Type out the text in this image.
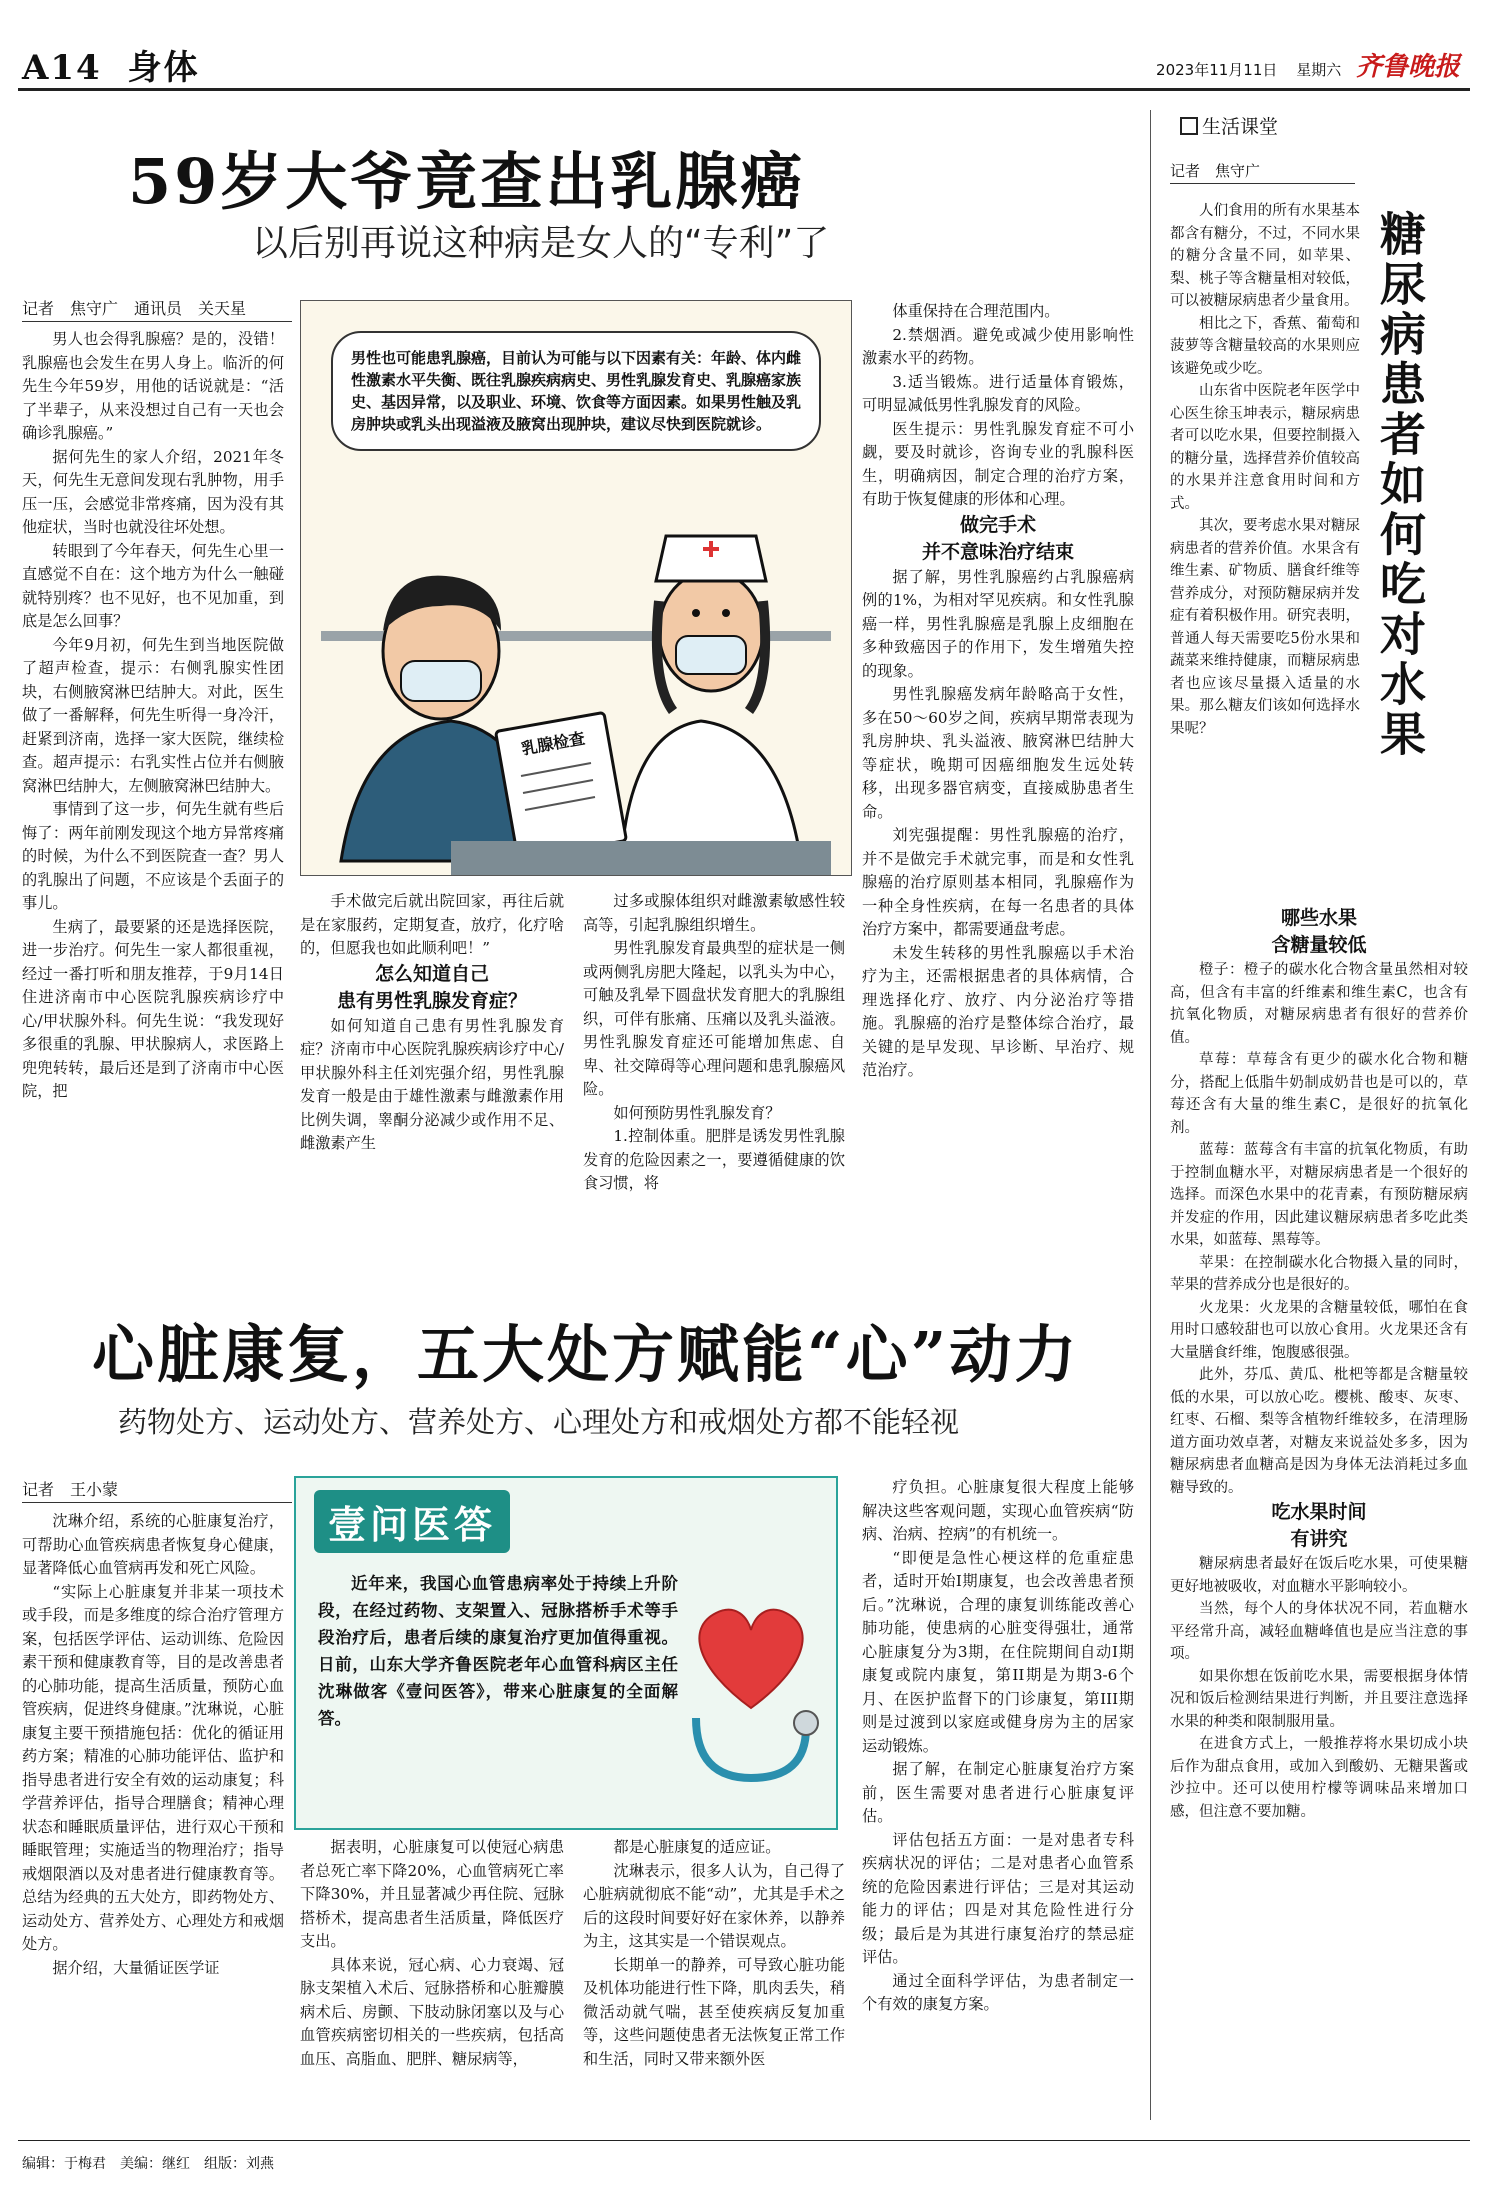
A14 身体	2023年11月11日 星期六 齐鲁晚报
59岁大爷竟查出乳腺癌
以后别再说这种病是女人的“专利”了
记者　焦守广　通讯员　关天星

男人也会得乳腺癌？是的，没错！乳腺癌也会发生在男人身上。临沂的何先生今年59岁，用他的话说就是：“活了半辈子，从来没想过自己有一天也会确诊乳腺癌。”

据何先生的家人介绍，2021年冬天，何先生无意间发现右乳肿物，用手压一压，会感觉非常疼痛，因为没有其他症状，当时也就没往坏处想。

转眼到了今年春天，何先生心里一直感觉不自在：这个地方为什么一触碰就特别疼？也不见好，也不见加重，到底是怎么回事？

今年9月初，何先生到当地医院做了超声检查，提示：右侧乳腺实性团块，右侧腋窝淋巴结肿大。对此，医生做了一番解释，何先生听得一身冷汗，赶紧到济南，选择一家大医院，继续检查。超声提示：右乳实性占位并右侧腋窝淋巴结肿大，左侧腋窝淋巴结肿大。

事情到了这一步，何先生就有些后悔了：两年前刚发现这个地方异常疼痛的时候，为什么不到医院查一查？男人的乳腺出了问题，不应该是个丢面子的事儿。

生病了，最要紧的还是选择医院，进一步治疗。何先生一家人都很重视，经过一番打听和朋友推荐，于9月14日住进济南市中心医院乳腺疾病诊疗中心/甲状腺外科。何先生说：“我发现好多很重的乳腺、甲状腺病人，求医路上兜兜转转，最后还是到了济南市中心医院，把

乳腺检查
男性也可能患乳腺癌，目前认为可能与以下因素有关：年龄、体内雌性激素水平失衡、既往乳腺疾病病史、男性乳腺发育史、乳腺癌家族史、基因异常，以及职业、环境、饮食等方面因素。如果男性触及乳房肿块或乳头出现溢液及腋窝出现肿块，建议尽快到医院就诊。

手术做完后就出院回家，再往后就是在家服药，定期复查，放疗，化疗啥的，但愿我也如此顺利吧！”

怎么知道自己
患有男性乳腺发育症？

如何知道自己患有男性乳腺发育症？济南市中心医院乳腺疾病诊疗中心/甲状腺外科主任刘宪强介绍，男性乳腺发育一般是由于雄性激素与雌激素作用比例失调，睾酮分泌减少或作用不足、雌激素产生

过多或腺体组织对雌激素敏感性较高等，引起乳腺组织增生。

男性乳腺发育最典型的症状是一侧或两侧乳房肥大隆起，以乳头为中心，可触及乳晕下圆盘状发育肥大的乳腺组织，可伴有胀痛、压痛以及乳头溢液。男性乳腺发育症还可能增加焦虑、自卑、社交障碍等心理问题和患乳腺癌风险。

如何预防男性乳腺发育？

1.控制体重。肥胖是诱发男性乳腺发育的危险因素之一，要遵循健康的饮食习惯，将

体重保持在合理范围内。

2.禁烟酒。避免或减少使用影响性激素水平的药物。

3.适当锻炼。进行适量体育锻炼，可明显减低男性乳腺发育的风险。

医生提示：男性乳腺发育症不可小觑，要及时就诊，咨询专业的乳腺科医生，明确病因，制定合理的治疗方案，有助于恢复健康的形体和心理。

做完手术
并不意味治疗结束

据了解，男性乳腺癌约占乳腺癌病例的1%，为相对罕见疾病。和女性乳腺癌一样，男性乳腺癌是乳腺上皮细胞在多种致癌因子的作用下，发生增殖失控的现象。

男性乳腺癌发病年龄略高于女性，多在50～60岁之间，疾病早期常表现为乳房肿块、乳头溢液、腋窝淋巴结肿大等症状，晚期可因癌细胞发生远处转移，出现多器官病变，直接威胁患者生命。

刘宪强提醒：男性乳腺癌的治疗，并不是做完手术就完事，而是和女性乳腺癌的治疗原则基本相同，乳腺癌作为一种全身性疾病，在每一名患者的具体治疗方案中，都需要通盘考虑。

未发生转移的男性乳腺癌以手术治疗为主，还需根据患者的具体病情，合理选择化疗、放疗、内分泌治疗等措施。乳腺癌的治疗是整体综合治疗，最关键的是早发现、早诊断、早治疗、规范治疗。

心脏康复，五大处方赋能“心”动力
药物处方、运动处方、营养处方、心理处方和戒烟处方都不能轻视
记者　王小蒙

沈琳介绍，系统的心脏康复治疗，可帮助心血管疾病患者恢复身心健康，显著降低心血管病再发和死亡风险。

“实际上心脏康复并非某一项技术或手段，而是多维度的综合治疗管理方案，包括医学评估、运动训练、危险因素干预和健康教育等，目的是改善患者的心肺功能，提高生活质量，预防心血管疾病，促进终身健康。”沈琳说，心脏康复主要干预措施包括：优化的循证用药方案；精准的心肺功能评估、监护和指导患者进行安全有效的运动康复；科学营养评估，指导合理膳食；精神心理状态和睡眠质量评估，进行双心干预和睡眠管理；实施适当的物理治疗；指导戒烟限酒以及对患者进行健康教育等。总结为经典的五大处方，即药物处方、运动处方、营养处方、心理处方和戒烟处方。

据介绍，大量循证医学证

壹问医答
近年来，我国心血管患病率处于持续上升阶段，在经过药物、支架置入、冠脉搭桥手术等手段治疗后，患者后续的康复治疗更加值得重视。日前，山东大学齐鲁医院老年心血管科病区主任沈琳做客《壹问医答》，带来心脏康复的全面解答。

据表明，心脏康复可以使冠心病患者总死亡率下降20%，心血管病死亡率下降30%，并且显著减少再住院、冠脉搭桥术，提高患者生活质量，降低医疗支出。

具体来说，冠心病、心力衰竭、冠脉支架植入术后、冠脉搭桥和心脏瓣膜病术后、房颤、下肢动脉闭塞以及与心血管疾病密切相关的一些疾病，包括高血压、高脂血、肥胖、糖尿病等，

都是心脏康复的适应证。

沈琳表示，很多人认为，自己得了心脏病就彻底不能“动”，尤其是手术之后的这段时间要好好在家休养，以静养为主，这其实是一个错误观点。

长期单一的静养，可导致心脏功能及机体功能进行性下降，肌肉丢失，稍微活动就气喘，甚至使疾病反复加重等，这些问题使患者无法恢复正常工作和生活，同时又带来额外医

疗负担。心脏康复很大程度上能够解决这些客观问题，实现心血管疾病“防病、治病、控病”的有机统一。

“即便是急性心梗这样的危重症患者，适时开始I期康复，也会改善患者预后。”沈琳说，合理的康复训练能改善心肺功能，使患病的心脏变得强壮，通常心脏康复分为3期，在住院期间自动I期康复或院内康复，第II期是为期3-6个月、在医护监督下的门诊康复，第III期则是过渡到以家庭或健身房为主的居家运动锻炼。

据了解，在制定心脏康复治疗方案前，医生需要对患者进行心脏康复评估。

评估包括五方面：一是对患者专科疾病状况的评估；二是对患者心血管系统的危险因素进行评估；三是对其运动能力的评估；四是对其危险性进行分级；最后是为其进行康复治疗的禁忌症评估。

通过全面科学评估，为患者制定一个有效的康复方案。

生活课堂
记者　焦守广
糖尿病患者如何吃对水果

人们食用的所有水果基本都含有糖分，不过，不同水果的糖分含量不同，如苹果、梨、桃子等含糖量相对较低，可以被糖尿病患者少量食用。

相比之下，香蕉、葡萄和菠萝等含糖量较高的水果则应该避免或少吃。

山东省中医院老年医学中心医生徐玉坤表示，糖尿病患者可以吃水果，但要控制摄入的糖分量，选择营养价值较高的水果并注意食用时间和方式。

其次，要考虑水果对糖尿病患者的营养价值。水果含有维生素、矿物质、膳食纤维等营养成分，对预防糖尿病并发症有着积极作用。研究表明，普通人每天需要吃5份水果和蔬菜来维持健康，而糖尿病患者也应该尽量摄入适量的水果。那么糖友们该如何选择水果呢？

哪些水果
含糖量较低

橙子：橙子的碳水化合物含量虽然相对较高，但含有丰富的纤维素和维生素C，也含有抗氧化物质，对糖尿病患者有很好的营养价值。

草莓：草莓含有更少的碳水化合物和糖分，搭配上低脂牛奶制成奶昔也是可以的，草莓还含有大量的维生素C，是很好的抗氧化剂。

蓝莓：蓝莓含有丰富的抗氧化物质，有助于控制血糖水平，对糖尿病患者是一个很好的选择。而深色水果中的花青素，有预防糖尿病并发症的作用，因此建议糖尿病患者多吃此类水果，如蓝莓、黑莓等。

苹果：在控制碳水化合物摄入量的同时，苹果的营养成分也是很好的。

火龙果：火龙果的含糖量较低，哪怕在食用时口感较甜也可以放心食用。火龙果还含有大量膳食纤维，饱腹感很强。

此外，芬瓜、黄瓜、枇杷等都是含糖量较低的水果，可以放心吃。樱桃、酸枣、灰枣、红枣、石榴、梨等含植物纤维较多，在清理肠道方面功效卓著，对糖友来说益处多多，因为糖尿病患者血糖高是因为身体无法消耗过多血糖导致的。

吃水果时间
有讲究

糖尿病患者最好在饭后吃水果，可使果糖更好地被吸收，对血糖水平影响较小。

当然，每个人的身体状况不同，若血糖水平经常升高，减轻血糖峰值也是应当注意的事项。

如果你想在饭前吃水果，需要根据身体情况和饭后检测结果进行判断，并且要注意选择水果的种类和限制服用量。

在进食方式上，一般推荐将水果切成小块后作为甜点食用，或加入到酸奶、无糖果酱或沙拉中。还可以使用柠檬等调味品来增加口感，但注意不要加糖。

编辑：于梅君　美编：继红　组版：刘燕
